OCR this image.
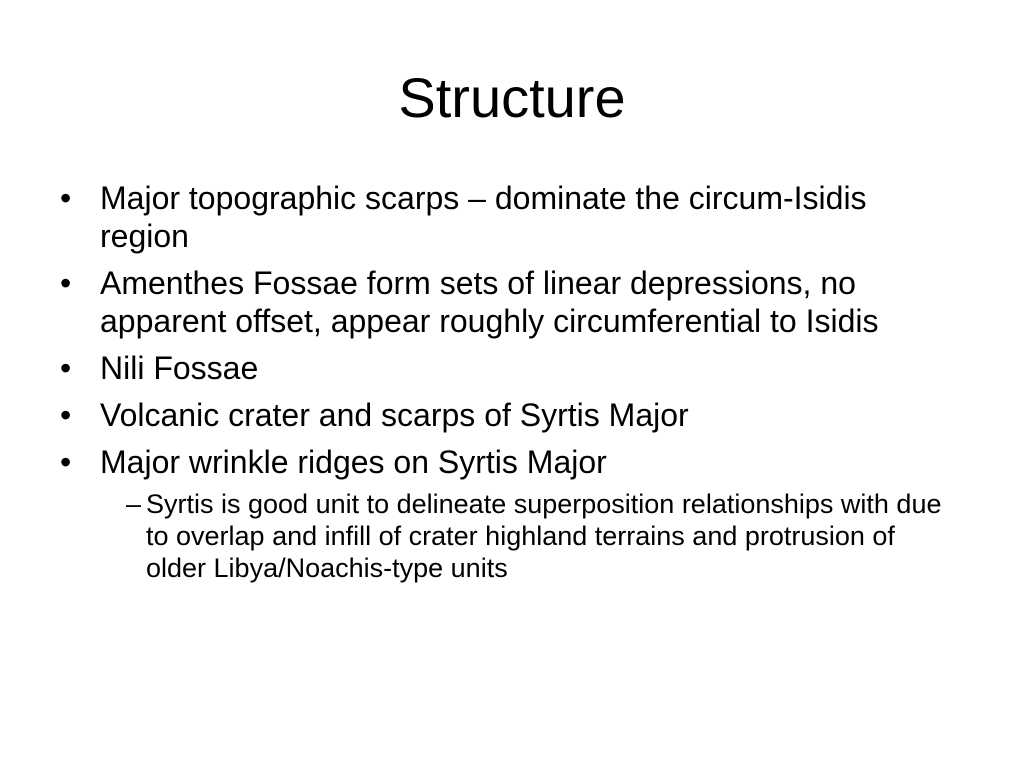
Structure
• Major topographic scarps – dominate the circum-Isidis region
• Amenthes Fossae form sets of linear depressions, no apparent offset, appear roughly circumferential to Isidis
• Nili Fossae
• Volcanic crater and scarps of Syrtis Major
• Major wrinkle ridges on Syrtis Major
– Syrtis is good unit to delineate superposition relationships with due to overlap and infill of crater highland terrains and protrusion of older Libya/Noachis-type units
